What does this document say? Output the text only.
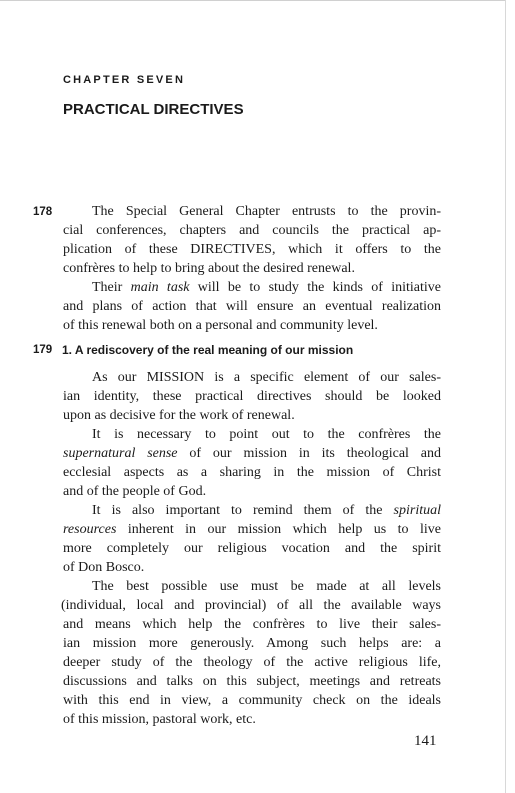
CHAPTER SEVEN
PRACTICAL DIRECTIVES
178	The Special General Chapter entrusts to the provin-
cial conferences, chapters and councils the practical ap-
plication of these DIRECTIVES, which it offers to the
confrères to help to bring about the desired renewal.
Their main task will be to study the kinds of initiative
and plans of action that will ensure an eventual realization
of this renewal both on a personal and community level.
179 1. A rediscovery of the real meaning of our mission
As our MISSION is a specific element of our sales-
ian identity, these practical directives should be looked
upon as decisive for the work of renewal.
It is necessary to point out to the confrères the
supernatural sense of our mission in its theological and
ecclesial aspects as a sharing in the mission of Christ
and of the people of God.
It is also important to remind them of the spiritual
resources inherent in our mission which help us to live
more completely our religious vocation and the spirit
of Don Bosco.
The best possible use must be made at all levels
(individual, local and provincial) of all the available ways
and means which help the confrères to live their sales-
ian mission more generously. Among such helps are: a
deeper study of the theology of the active religious life,
discussions and talks on this subject, meetings and retreats
with this end in view, a community check on the ideals
of this mission, pastoral work, etc.
141
